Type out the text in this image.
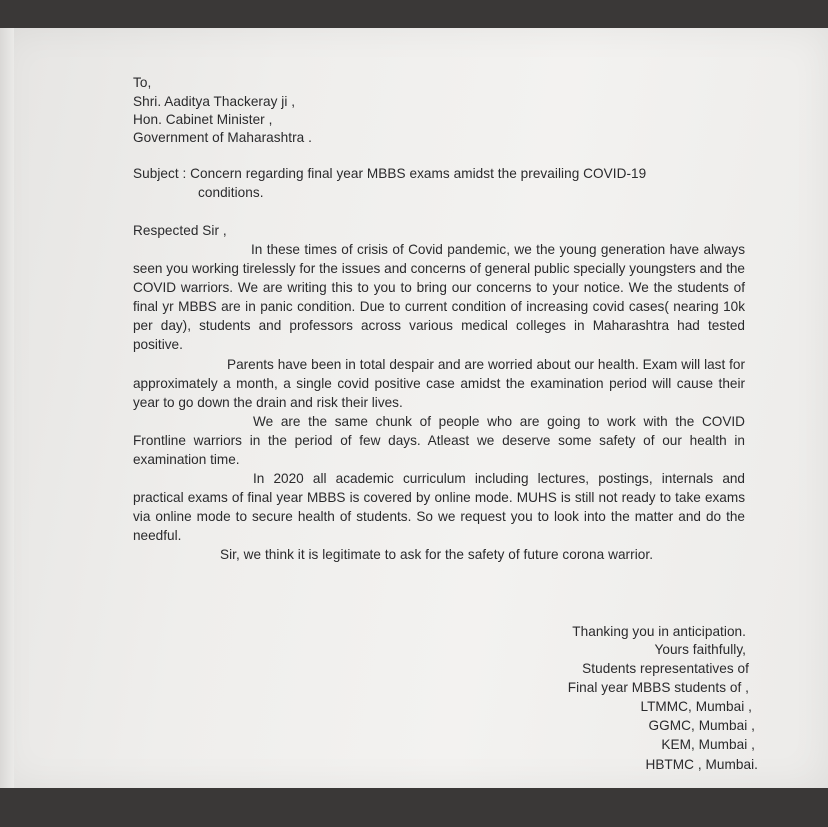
To,
Shri. Aaditya Thackeray ji ,
Hon. Cabinet Minister ,
Government of Maharashtra .
Subject : Concern regarding final year MBBS exams amidst the prevailing COVID-19
conditions.
Respected Sir ,
In these times of crisis of Covid pandemic, we the young generation have always seen you working tirelessly for the issues and concerns of general public specially youngsters and the COVID warriors. We are writing this to you to bring our concerns to your notice. We the students of final yr MBBS are in panic condition. Due to current condition of increasing covid cases( nearing 10k per day), students and professors across various medical colleges in Maharashtra had tested positive.
Parents have been in total despair and are worried about our health. Exam will last for approximately a month, a single covid positive case amidst the examination period will cause their year to go down the drain and risk their lives.
We are the same chunk of people who are going to work with the COVID Frontline warriors in the period of few days. Atleast we deserve some safety of our health in examination time.
In 2020 all academic curriculum including lectures, postings, internals and practical exams of final year MBBS is covered by online mode. MUHS is still not ready to take exams via online mode to secure health of students. So we request you to look into the matter and do the needful.
Sir, we think it is legitimate to ask for the safety of future corona warrior.
Thanking you in anticipation.
Yours faithfully,
Students representatives of
Final year MBBS students of ,
LTMMC, Mumbai ,
GGMC, Mumbai ,
KEM, Mumbai ,
HBTMC , Mumbai.
